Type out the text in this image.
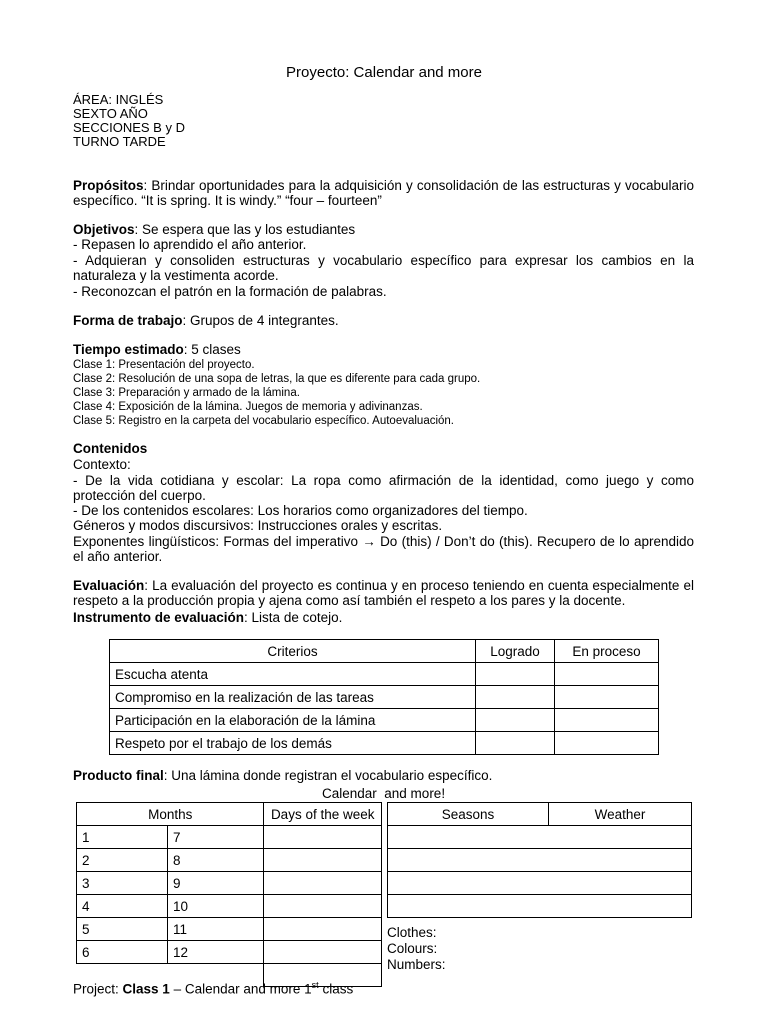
Proyecto: Calendar and more
ÁREA: INGLÉS
SEXTO AÑO
SECCIONES B y D
TURNO TARDE
Propósitos: Brindar oportunidades para la adquisición y consolidación de las estructuras y vocabulario específico. “It is spring. It is windy.” “four – fourteen”
Objetivos: Se espera que las y los estudiantes
- Repasen lo aprendido el año anterior.
- Adquieran y consoliden estructuras y vocabulario específico para expresar los cambios en la naturaleza y la vestimenta acorde.
- Reconozcan el patrón en la formación de palabras.
Forma de trabajo: Grupos de 4 integrantes.
Tiempo estimado: 5 clases
Clase 1: Presentación del proyecto.
Clase 2: Resolución de una sopa de letras, la que es diferente para cada grupo.
Clase 3: Preparación y armado de la lámina.
Clase 4: Exposición de la lámina. Juegos de memoria y adivinanzas.
Clase 5: Registro en la carpeta del vocabulario específico. Autoevaluación.
Contenidos
Contexto:
- De la vida cotidiana y escolar: La ropa como afirmación de la identidad, como juego y como protección del cuerpo.
- De los contenidos escolares: Los horarios como organizadores del tiempo.
Géneros y modos discursivos: Instrucciones orales y escritas.
Exponentes lingüísticos: Formas del imperativo → Do (this) / Don’t do (this). Recupero de lo aprendido el año anterior.
Evaluación: La evaluación del proyecto es continua y en proceso teniendo en cuenta especialmente el respeto a la producción propia y ajena como así también el respeto a los pares y la docente.
Instrumento de evaluación: Lista de cotejo.
Criterios	Logrado	En proceso
Escucha atenta		
Compromiso en la realización de las tareas		
Participación en la elaboración de la lámina		
Respeto por el trabajo de los demás		
Producto final: Una lámina donde registran el vocabulario específico.
Calendar  and more!
Months		Days of the week
1	7	
2	8	
3	9	
4	10	
5	11	
6	12	

Seasons	Weather

Clothes:
Colours:
Numbers:
Project: Class 1 – Calendar and more 1st class
